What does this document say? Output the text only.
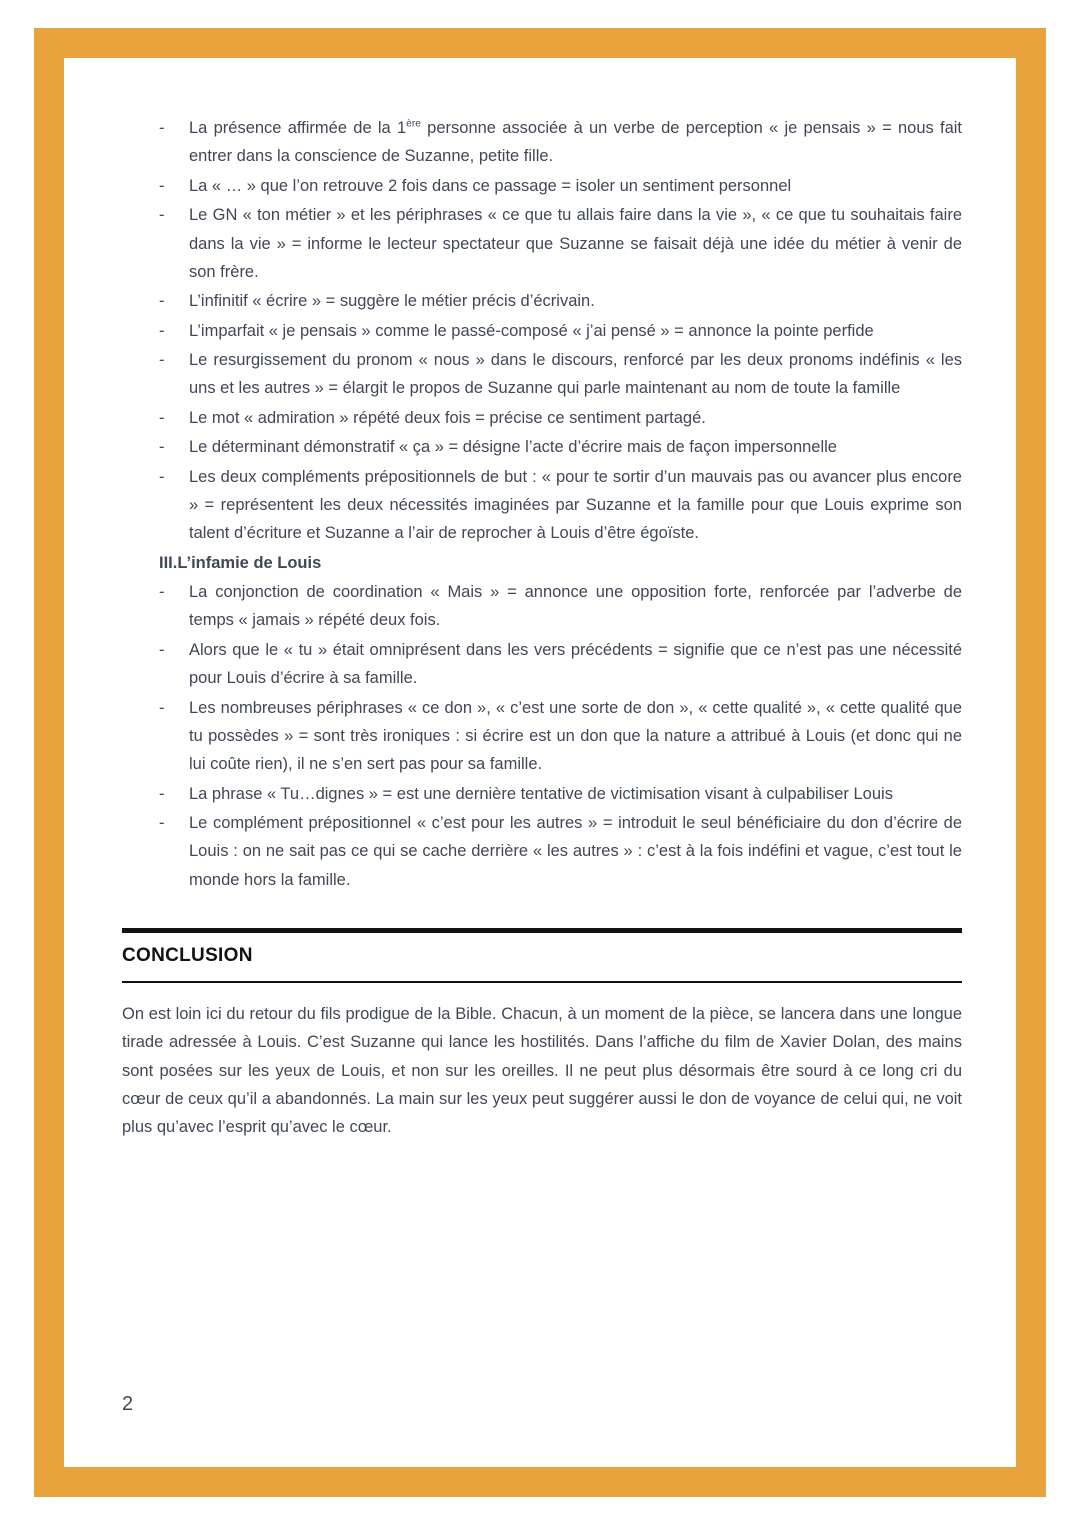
- La présence affirmée de la 1ère personne associée à un verbe de perception « je pensais » = nous fait entrer dans la conscience de Suzanne, petite fille.
- La « … » que l’on retrouve 2 fois dans ce passage = isoler un sentiment personnel
- Le GN « ton métier » et les périphrases « ce que tu allais faire dans la vie », « ce que tu souhaitais faire dans la vie » = informe le lecteur spectateur que Suzanne se faisait déjà une idée du métier à venir de son frère.
- L’infinitif « écrire » = suggère le métier précis d’écrivain.
- L’imparfait « je pensais » comme le passé-composé « j’ai pensé » = annonce la pointe perfide
- Le resurgissement du pronom « nous » dans le discours, renforcé par les deux pronoms indéfinis « les uns et les autres » = élargit le propos de Suzanne qui parle maintenant au nom de toute la famille
- Le mot « admiration » répété deux fois = précise ce sentiment partagé.
- Le déterminant démonstratif « ça » = désigne l’acte d’écrire mais de façon impersonnelle
- Les deux compléments prépositionnels de but : « pour te sortir d’un mauvais pas ou avancer plus encore » = représentent les deux nécessités imaginées par Suzanne et la famille pour que Louis exprime son talent d’écriture et Suzanne a l’air de reprocher à Louis d’être égoïste.
III.L’infamie de Louis
- La conjonction de coordination « Mais » = annonce une opposition forte, renforcée par l’adverbe de temps « jamais » répété deux fois.
- Alors que le « tu » était omniprésent dans les vers précédents = signifie que ce n’est pas une nécessité pour Louis d’écrire à sa famille.
- Les nombreuses périphrases « ce don », « c’est une sorte de don », « cette qualité », « cette qualité que tu possèdes » = sont très ironiques : si écrire est un don que la nature a attribué à Louis (et donc qui ne lui coûte rien), il ne s’en sert pas pour sa famille.
- La phrase « Tu…dignes » = est une dernière tentative de victimisation visant à culpabiliser Louis
- Le complément prépositionnel « c’est pour les autres » = introduit le seul bénéficiaire du don d’écrire de Louis : on ne sait pas ce qui se cache derrière « les autres » : c’est à la fois indéfini et vague, c’est tout le monde hors la famille.
CONCLUSION

On est loin ici du retour du fils prodigue de la Bible. Chacun, à un moment de la pièce, se lancera dans une longue tirade adressée à Louis. C’est Suzanne qui lance les hostilités. Dans l’affiche du film de Xavier Dolan, des mains sont posées sur les yeux de Louis, et non sur les oreilles. Il ne peut plus désormais être sourd à ce long cri du cœur de ceux qu’il a abandonnés. La main sur les yeux peut suggérer aussi le don de voyance de celui qui, ne voit plus qu’avec l’esprit qu’avec le cœur.

2
